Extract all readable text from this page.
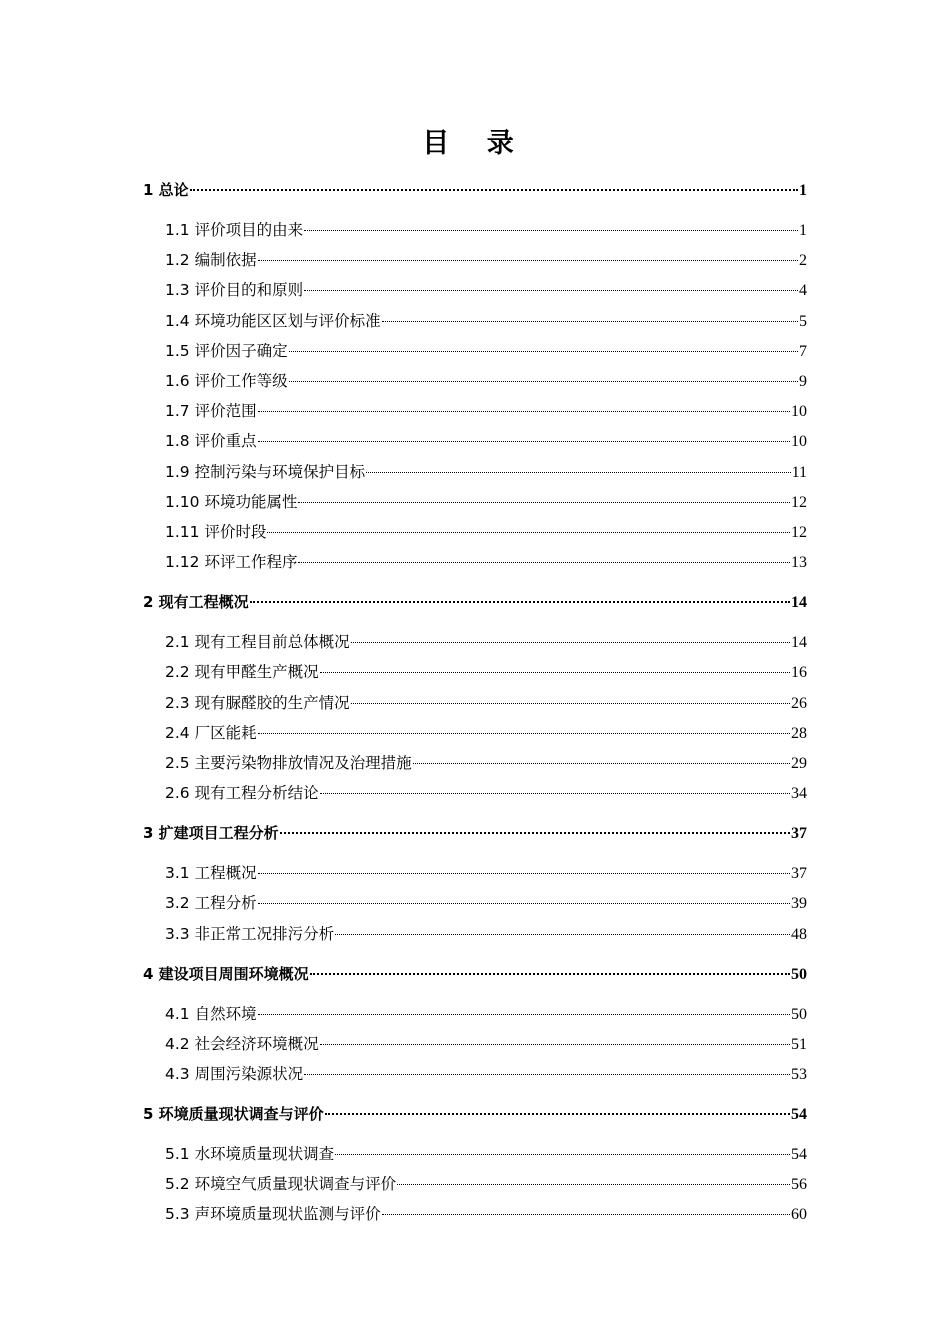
目 录
1 总论	1
1.1 评价项目的由来	1
1.2 编制依据	2
1.3 评价目的和原则	4
1.4 环境功能区区划与评价标准	5
1.5 评价因子确定	7
1.6 评价工作等级	9
1.7 评价范围	10
1.8 评价重点	10
1.9 控制污染与环境保护目标	11
1.10 环境功能属性	12
1.11 评价时段	12
1.12 环评工作程序	13
2 现有工程概况	14
2.1 现有工程目前总体概况	14
2.2 现有甲醛生产概况	16
2.3 现有脲醛胶的生产情况	26
2.4 厂区能耗	28
2.5 主要污染物排放情况及治理措施	29
2.6 现有工程分析结论	34
3 扩建项目工程分析	37
3.1 工程概况	37
3.2 工程分析	39
3.3 非正常工况排污分析	48
4 建设项目周围环境概况	50
4.1 自然环境	50
4.2 社会经济环境概况	51
4.3 周围污染源状况	53
5 环境质量现状调查与评价	54
5.1 水环境质量现状调查	54
5.2 环境空气质量现状调查与评价	56
5.3 声环境质量现状监测与评价	60
